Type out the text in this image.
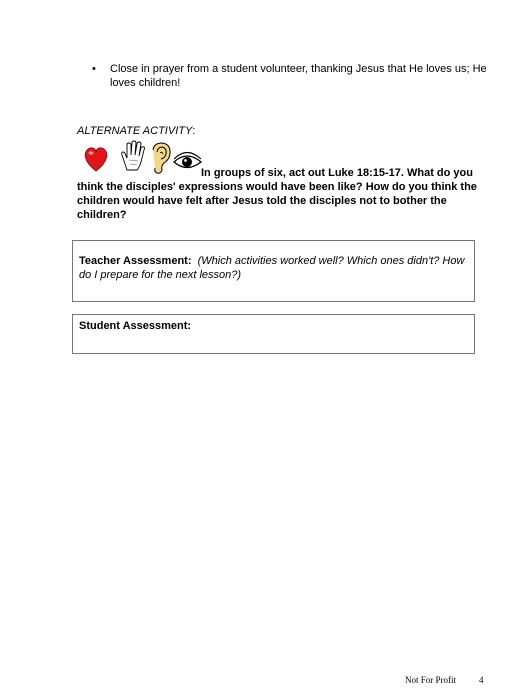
• Close in prayer from a student volunteer, thanking Jesus that He loves us; He loves children!
ALTERNATE ACTIVITY:
In groups of six, act out Luke 18:15-17. What do you think the disciples' expressions would have been like? How do you think the children would have felt after Jesus told the disciples not to bother the children?
Teacher Assessment: (Which activities worked well? Which ones didn't? How do I prepare for the next lesson?)
Student Assessment:
Not For Profit	4
